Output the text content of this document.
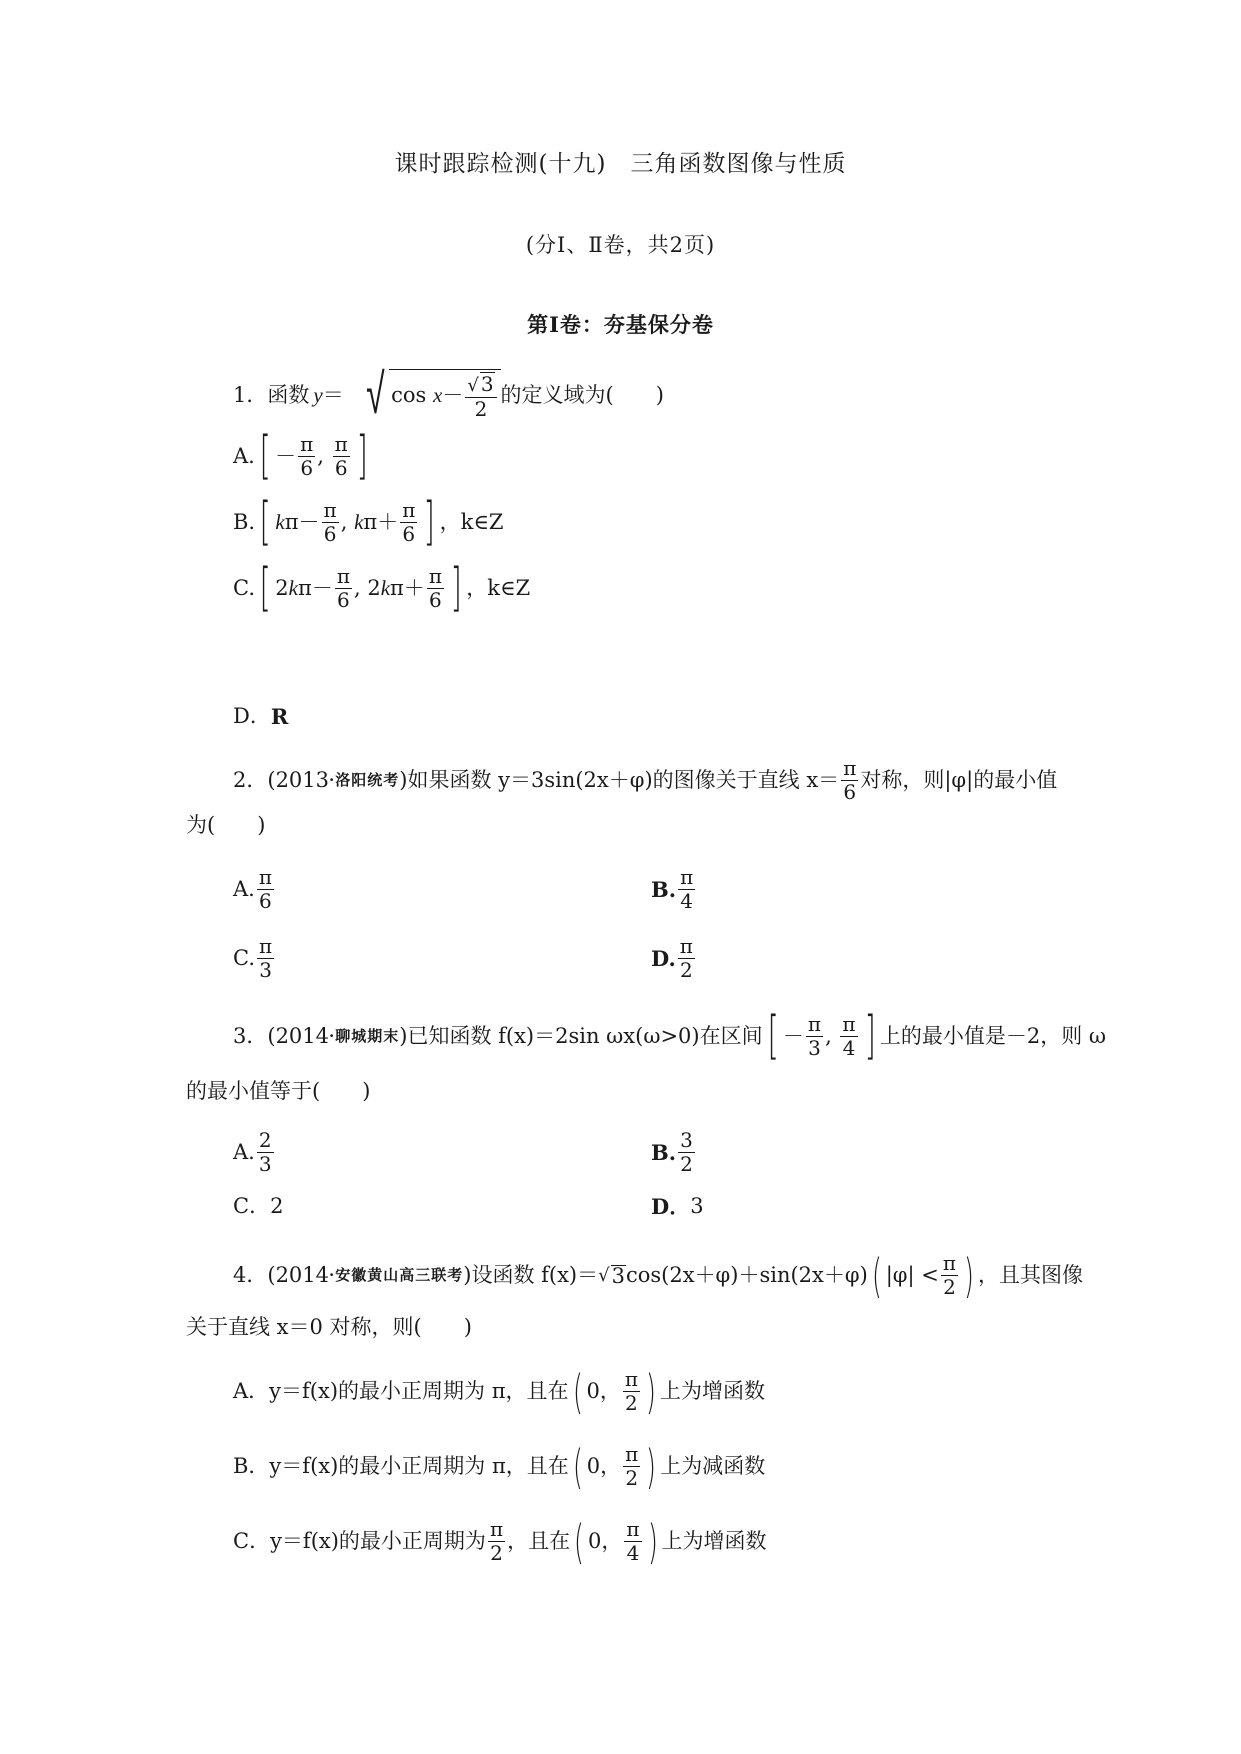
课时跟踪检测(十九)　三角函数图像与性质
(分Ⅰ、Ⅱ卷，共2页)
第Ⅰ卷：夯基保分卷
1．函数 y ＝ √ $\cos x- \frac{√ 3}{2}$ 的定义域为(　　)
A. [ － $\frac{\pi}{6}$ , $\frac{\pi}{6}$ ]
B. [ k $\pi - \frac{\pi}{6}$ , k $\pi + \frac{\pi}{6}$ ] ，k∈Z
C. [ 2 k $\pi - \frac{\pi}{6}$ , 2 k $\pi + \frac{\pi}{6}$ ] ，k∈Z
D． R
2．( 2013 ·洛阳统考 )如果函数 y＝3sin(2x＋φ)的图像关于直线 $x= \frac{\pi}{6}$ 对称，则|φ|的最小值
为(　　)
A. $\frac{\pi}{6}$	B. $\frac{\pi}{4}$
C. $\frac{\pi}{3}$	D. $\frac{\pi}{2}$
3．( 2014 ·聊城期末 )已知函数 f(x)＝2sin ωx(ω>0)在区间 [ － $\frac{\pi}{3}$ , $\frac{\pi}{4}$ ] 上的最小值是－2，则 ω
的最小值等于(　　)
A. $\frac{2}{3}$	B. $\frac{3}{2}$
C．2	D． 3
4．( 2014 ·安徽黄山高三联考 )设函数 f(x)＝ √ 3 cos(2x＋φ)＋sin(2x＋φ) ( $|\varphi| < \frac{\pi}{2}$ ) ，且其图像
关于直线 x＝0 对称，则(　　)
A．y＝f(x)的最小正周期为 π，且在 ( 0， $\frac{\pi}{2}$ ) 上为增函数
B．y＝f(x)的最小正周期为 π，且在 ( 0， $\frac{\pi}{2}$ ) 上为减函数
C．y＝f(x)的最小正周期为 $\frac{\pi}{2}$ ，且在 ( 0， $\frac{\pi}{4}$ ) 上为增函数
